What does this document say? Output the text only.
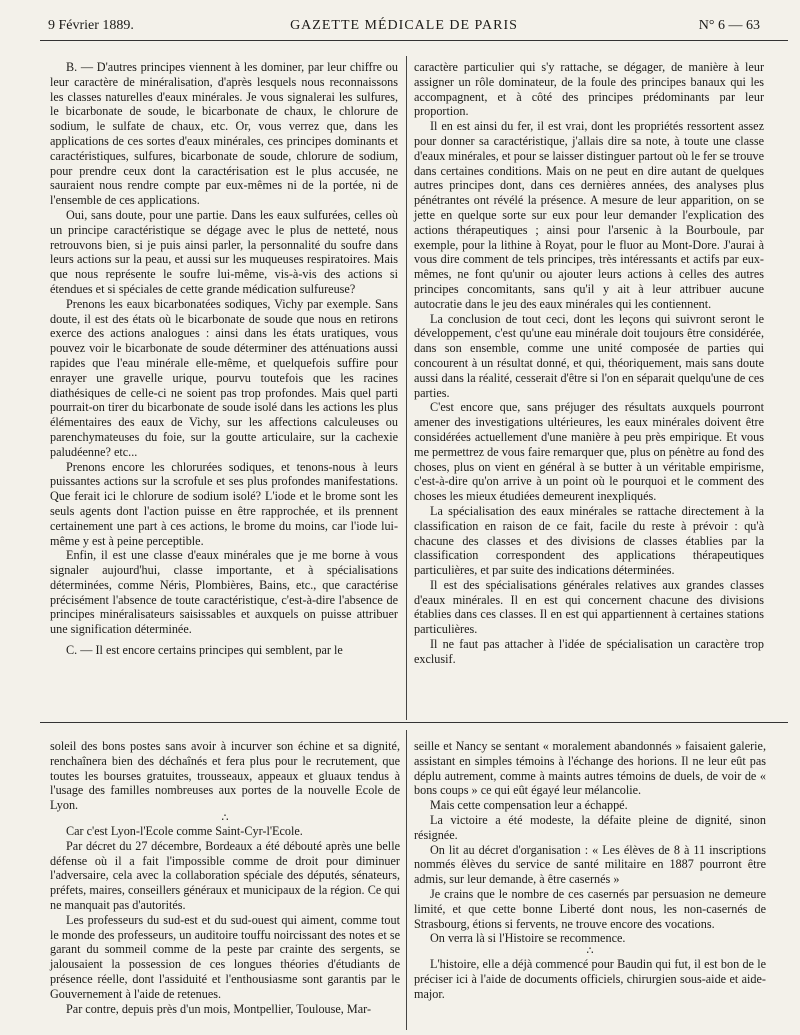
9 Février 1889.	GAZETTE MÉDICALE DE PARIS	N° 6 — 63

B. — D'autres principes viennent à les dominer, par leur chiffre ou leur caractère de minéralisation, d'après lesquels nous reconnaissons les classes naturelles d'eaux minérales. Je vous signalerai les sulfures, le bicarbonate de soude, le bicarbonate de chaux, le chlorure de sodium, le sulfate de chaux, etc. Or, vous verrez que, dans les applications de ces sortes d'eaux minérales, ces principes dominants et caractéristiques, sulfures, bicarbonate de soude, chlorure de sodium, pour prendre ceux dont la caractérisation est le plus accusée, ne sauraient nous rendre compte par eux-mêmes ni de la portée, ni de l'ensemble de ces applications.

Oui, sans doute, pour une partie. Dans les eaux sulfurées, celles où un principe caractéristique se dégage avec le plus de netteté, nous retrouvons bien, si je puis ainsi parler, la personnalité du soufre dans leurs actions sur la peau, et aussi sur les muqueuses respiratoires. Mais que nous représente le soufre lui-même, vis-à-vis des actions si étendues et si spéciales de cette grande médication sulfureuse?

Prenons les eaux bicarbonatées sodiques, Vichy par exemple. Sans doute, il est des états où le bicarbonate de soude que nous en retirons exerce des actions analogues : ainsi dans les états uratiques, vous pouvez voir le bicarbonate de soude déterminer des atténuations aussi rapides que l'eau minérale elle-même, et quelquefois suffire pour enrayer une gravelle urique, pourvu toutefois que les racines diathésiques de celle-ci ne soient pas trop profondes. Mais quel parti pourrait-on tirer du bicarbonate de soude isolé dans les actions les plus élémentaires des eaux de Vichy, sur les affections calculeuses ou parenchymateuses du foie, sur la goutte articulaire, sur la cachexie paludéenne? etc...

Prenons encore les chlorurées sodiques, et tenons-nous à leurs puissantes actions sur la scrofule et ses plus profondes manifestations. Que ferait ici le chlorure de sodium isolé? L'iode et le brome sont les seuls agents dont l'action puisse en être rapprochée, et ils prennent certainement une part à ces actions, le brome du moins, car l'iode lui-même y est à peine perceptible.

Enfin, il est une classe d'eaux minérales que je me borne à vous signaler aujourd'hui, classe importante, et à spécialisations déterminées, comme Néris, Plombières, Bains, etc., que caractérise précisément l'absence de toute caractéristique, c'est-à-dire l'absence de principes minéralisateurs saisissables et auxquels on puisse attribuer une signification déterminée.

C. — Il est encore certains principes qui semblent, par le

caractère particulier qui s'y rattache, se dégager, de manière à leur assigner un rôle dominateur, de la foule des principes banaux qui les accompagnent, et à côté des principes prédominants par leur proportion.

Il en est ainsi du fer, il est vrai, dont les propriétés ressortent assez pour donner sa caractéristique, j'allais dire sa note, à toute une classe d'eaux minérales, et pour se laisser distinguer partout où le fer se trouve dans certaines conditions. Mais on ne peut en dire autant de quelques autres principes dont, dans ces dernières années, des analyses plus pénétrantes ont révélé la présence. A mesure de leur apparition, on se jette en quelque sorte sur eux pour leur demander l'explication des actions thérapeutiques ; ainsi pour l'arsenic à la Bourboule, par exemple, pour la lithine à Royat, pour le fluor au Mont-Dore. J'aurai à vous dire comment de tels principes, très intéressants et actifs par eux-mêmes, ne font qu'unir ou ajouter leurs actions à celles des autres principes concomitants, sans qu'il y ait à leur attribuer aucune autocratie dans le jeu des eaux minérales qui les contiennent.

La conclusion de tout ceci, dont les leçons qui suivront seront le développement, c'est qu'une eau minérale doit toujours être considérée, dans son ensemble, comme une unité composée de parties qui concourent à un résultat donné, et qui, théoriquement, mais sans doute aussi dans la réalité, cesserait d'être si l'on en séparait quelqu'une de ces parties.

C'est encore que, sans préjuger des résultats auxquels pourront amener des investigations ultérieures, les eaux minérales doivent être considérées actuellement d'une manière à peu près empirique. Et vous me permettrez de vous faire remarquer que, plus on pénètre au fond des choses, plus on vient en général à se butter à un véritable empirisme, c'est-à-dire qu'on arrive à un point où le pourquoi et le comment des choses les mieux étudiées demeurent inexpliqués.

La spécialisation des eaux minérales se rattache directement à la classification en raison de ce fait, facile du reste à prévoir : qu'à chacune des classes et des divisions de classes établies par la classification correspondent des applications thérapeutiques particulières, et par suite des indications déterminées.

Il est des spécialisations générales relatives aux grandes classes d'eaux minérales. Il en est qui concernent chacune des divisions établies dans ces classes. Il en est qui appartiennent à certaines stations particulières.

Il ne faut pas attacher à l'idée de spécialisation un caractère trop exclusif.

soleil des bons postes sans avoir à incurver son échine et sa dignité, renchaînera bien des déchaînés et fera plus pour le recrutement, que toutes les bourses gratuites, trousseaux, appeaux et gluaux tendus à l'usage des familles nombreuses aux portes de la nouvelle Ecole de Lyon.

∴

Car c'est Lyon-l'Ecole comme Saint-Cyr-l'Ecole.

Par décret du 27 décembre, Bordeaux a été débouté après une belle défense où il a fait l'impossible comme de droit pour diminuer l'adversaire, cela avec la collaboration spéciale des députés, sénateurs, préfets, maires, conseillers généraux et municipaux de la région. Ce qui ne manquait pas d'autorités.

Les professeurs du sud-est et du sud-ouest qui aiment, comme tout le monde des professeurs, un auditoire touffu noircissant des notes et se garant du sommeil comme de la peste par crainte des sergents, se jalousaient la possession de ces longues théories d'étudiants de présence réelle, dont l'assiduité et l'enthousiasme sont garantis par le Gouvernement à l'aide de retenues.

Par contre, depuis près d'un mois, Montpellier, Toulouse, Mar-

seille et Nancy se sentant « moralement abandonnés » faisaient galerie, assistant en simples témoins à l'échange des horions. Il ne leur eût pas déplu autrement, comme à maints autres témoins de duels, de voir de « bons coups » ce qui eût égayé leur mélancolie.

Mais cette compensation leur a échappé.

La victoire a été modeste, la défaite pleine de dignité, sinon résignée.

On lit au décret d'organisation : « Les élèves de 8 à 11 inscriptions nommés élèves du service de santé militaire en 1887 pourront être admis, sur leur demande, à être casernés »

Je crains que le nombre de ces casernés par persuasion ne demeure limité, et que cette bonne Liberté dont nous, les non-casernés de Strasbourg, étions si fervents, ne trouve encore des vocations.

On verra là si l'Histoire se recommence.

∴

L'histoire, elle a déjà commencé pour Baudin qui fut, il est bon de le préciser ici à l'aide de documents officiels, chirurgien sous-aide et aide-major.
